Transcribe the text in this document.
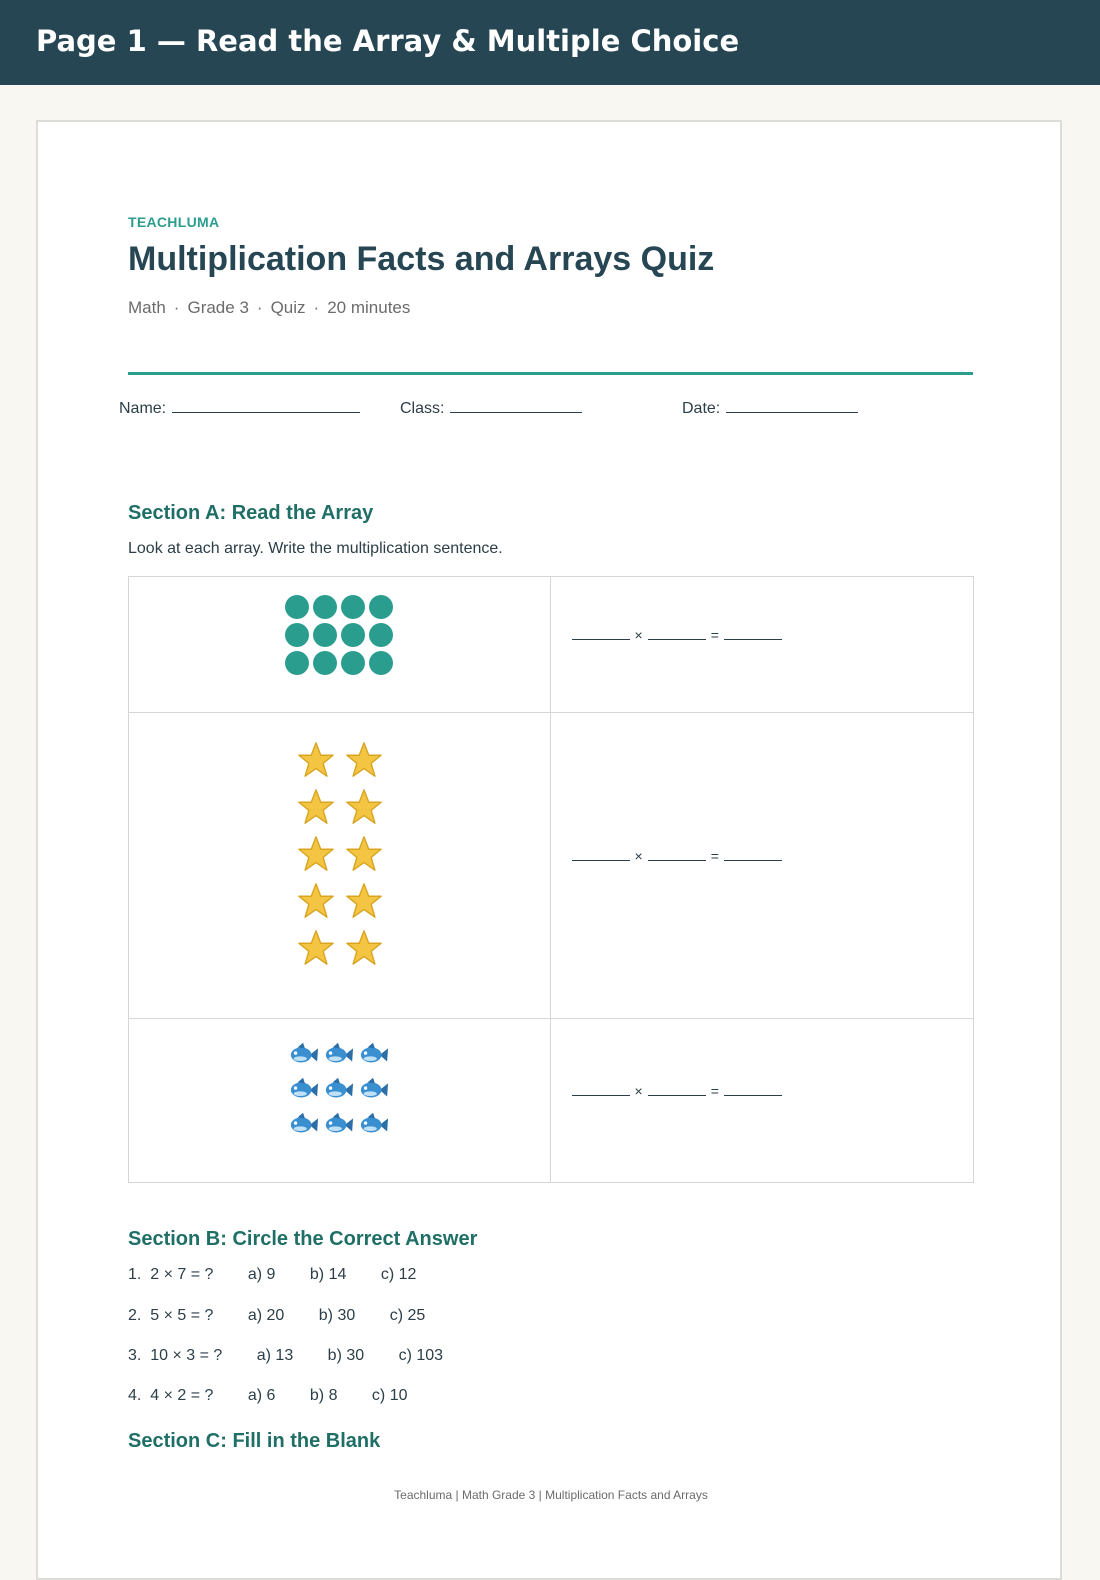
Page 1 — Read the Array & Multiple Choice
TEACHLUMA
Multiplication Facts and Arrays Quiz
Math · Grade 3 · Quiz · 20 minutes
Name:	Class:	Date:
Section A: Read the Array
Look at each array. Write the multiplication sentence.

	× =

× =

× =
Section B: Circle the Correct Answer
1. 2 × 7 = ? a) 9 b) 14 c) 12
2. 5 × 5 = ? a) 20 b) 30 c) 25
3. 10 × 3 = ? a) 13 b) 30 c) 103
4. 4 × 2 = ? a) 6 b) 8 c) 10
Section C: Fill in the Blank
Teachluma | Math Grade 3 | Multiplication Facts and Arrays
